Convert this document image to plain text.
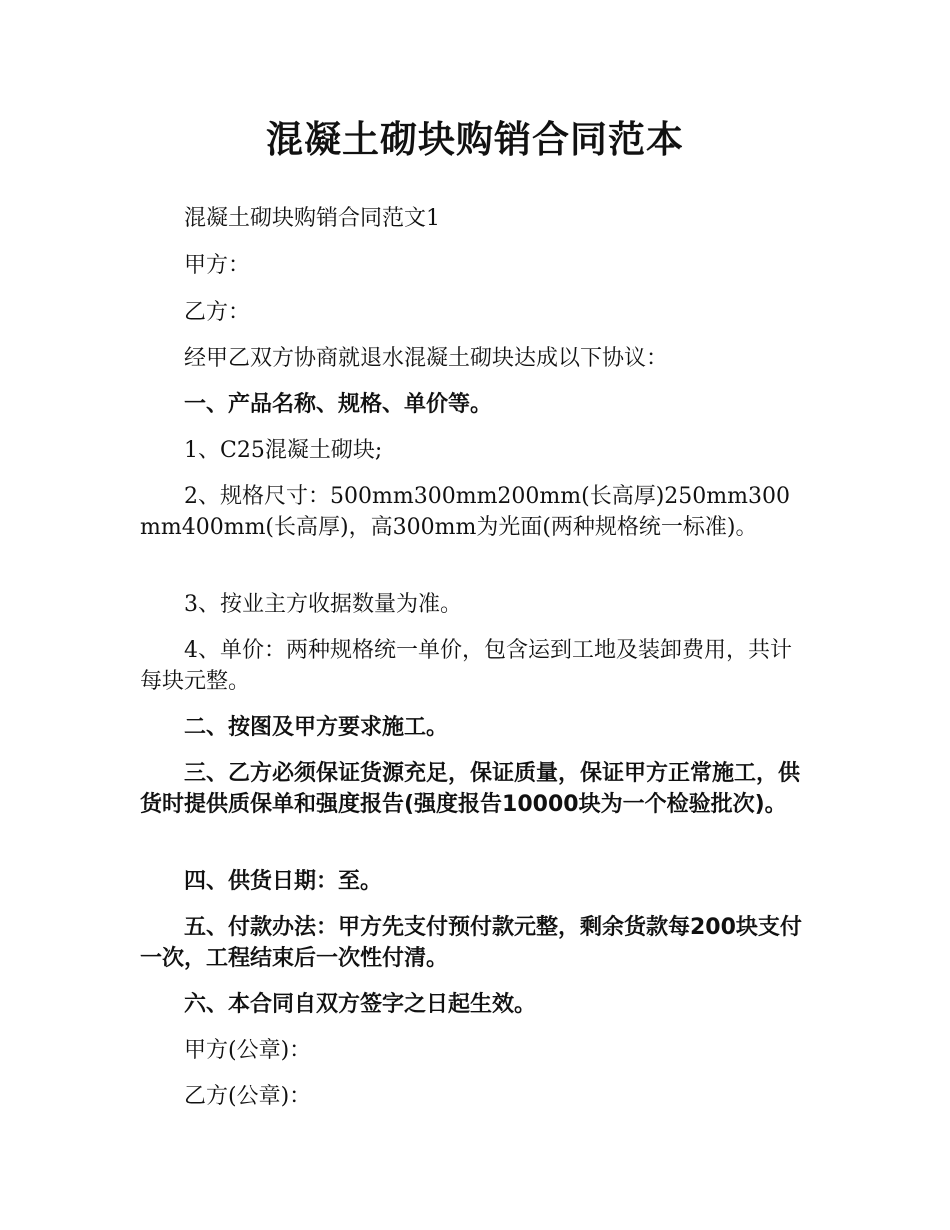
混凝土砌块购销合同范本

混凝土砌块购销合同范文1

甲方：

乙方：

经甲乙双方协商就退水混凝土砌块达成以下协议：

一、产品名称、规格、单价等。

1、C25混凝土砌块;

2、规格尺寸：500mm300mm200mm(长高厚)250mm300mm400mm(长高厚)，高300mm为光面(两种规格统一标准)。

3、按业主方收据数量为准。

4、单价：两种规格统一单价，包含运到工地及装卸费用，共计每块元整。

二、按图及甲方要求施工。

三、乙方必须保证货源充足，保证质量，保证甲方正常施工，供货时提供质保单和强度报告(强度报告10000块为一个检验批次)。

四、供货日期：至。

五、付款办法：甲方先支付预付款元整，剩余货款每200块支付一次，工程结束后一次性付清。

六、本合同自双方签字之日起生效。

甲方(公章)：

乙方(公章)：
